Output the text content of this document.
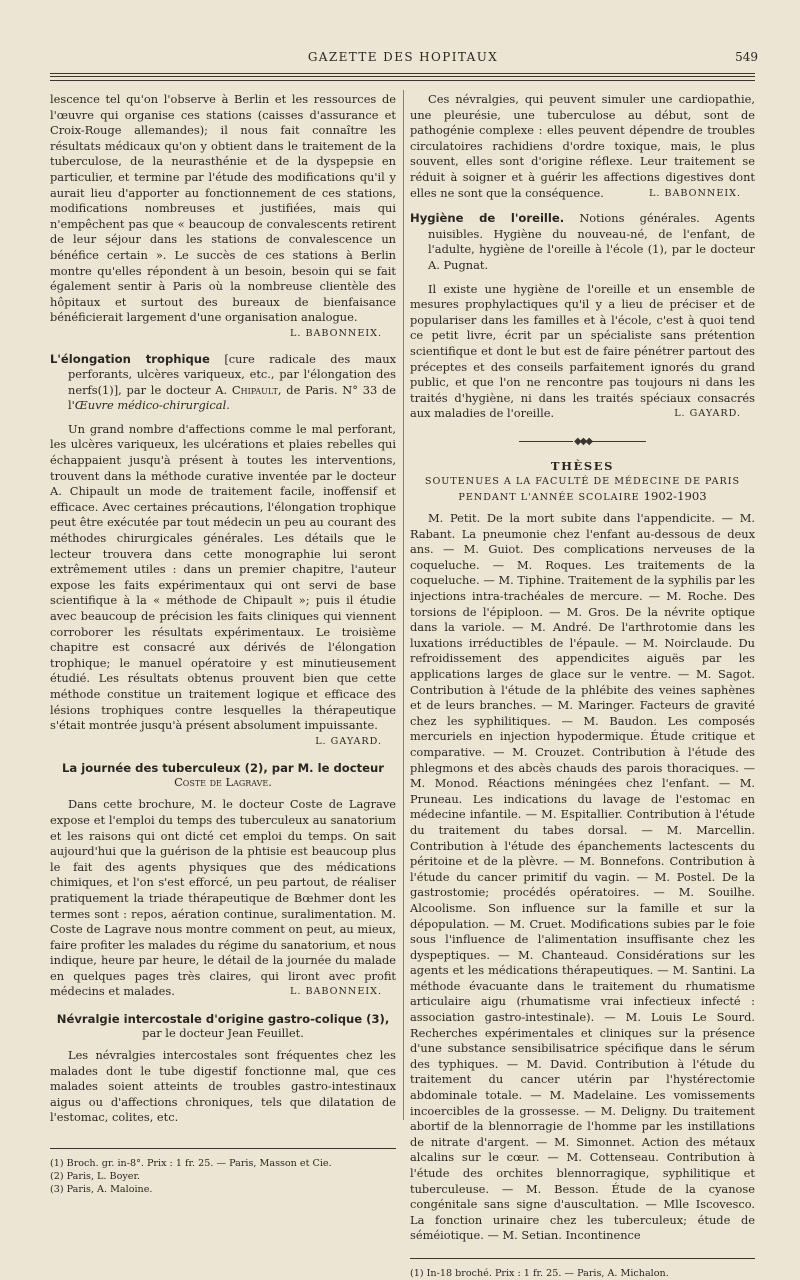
GAZETTE DES HOPITAUX	549

lescence tel qu'on l'observe à Berlin et les ressources de l'œuvre qui organise ces stations (caisses d'assurance et Croix-Rouge allemandes); il nous fait connaître les résultats médicaux qu'on y obtient dans le traitement de la tuberculose, de la neurasthénie et de la dyspepsie en particulier, et termine par l'étude des modifications qu'il y aurait lieu d'apporter au fonctionnement de ces stations, modifications nombreuses et justifiées, mais qui n'empêchent pas que « beaucoup de convalescents retirent de leur séjour dans les stations de convalescence un bénéfice certain ». Le succès de ces stations à Berlin montre qu'elles répondent à un besoin, besoin qui se fait également sentir à Paris où la nombreuse clientèle des hôpitaux et surtout des bureaux de bienfaisance bénéficierait largement d'une organisation analogue.
L. BABONNEIX.

L'élongation trophique [cure radicale des maux perforants, ulcères variqueux, etc., par l'élongation des nerfs(1)], par le docteur A. Chipault, de Paris. N° 33 de l'Œuvre médico-chirurgical.

Un grand nombre d'affections comme le mal perforant, les ulcères variqueux, les ulcérations et plaies rebelles qui échappaient jusqu'à présent à toutes les interventions, trouvent dans la méthode curative inventée par le docteur A. Chipault un mode de traitement facile, inoffensif et efficace. Avec certaines précautions, l'élongation trophique peut être exécutée par tout médecin un peu au courant des méthodes chirurgicales générales. Les détails que le lecteur trouvera dans cette monographie lui seront extrêmement utiles : dans un premier chapitre, l'auteur expose les faits expérimentaux qui ont servi de base scientifique à la « méthode de Chipault »; puis il étudie avec beaucoup de précision les faits cliniques qui viennent corroborer les résultats expérimentaux. Le troisième chapitre est consacré aux dérivés de l'élongation trophique; le manuel opératoire y est minutieusement étudié. Les résultats obtenus prouvent bien que cette méthode constitue un traitement logique et efficace des lésions trophiques contre lesquelles la thérapeutique s'était montrée jusqu'à présent absolument impuissante.
L. GAYARD.

La journée des tuberculeux (2), par M. le docteur
Coste de Lagrave.

Dans cette brochure, M. le docteur Coste de Lagrave expose et l'emploi du temps des tuberculeux au sanatorium et les raisons qui ont dicté cet emploi du temps. On sait aujourd'hui que la guérison de la phtisie est beaucoup plus le fait des agents physiques que des médications chimiques, et l'on s'est efforcé, un peu partout, de réaliser pratiquement la triade thérapeutique de Bœhmer dont les termes sont : repos, aération continue, suralimentation. M. Coste de Lagrave nous montre comment on peut, au mieux, faire profiter les malades du régime du sanatorium, et nous indique, heure par heure, le détail de la journée du malade en quelques pages très claires, qui liront avec profit médecins et malades.	L. BABONNEIX.

Névralgie intercostale d'origine gastro-colique (3),
par le docteur Jean Feuillet.

Les névralgies intercostales sont fréquentes chez les malades dont le tube digestif fonctionne mal, que ces malades soient atteints de troubles gastro-intestinaux aigus ou d'affections chroniques, tels que dilatation de l'estomac, colites, etc.

(1) Broch. gr. in-8°. Prix : 1 fr. 25. — Paris, Masson et Cie.
(2) Paris, L. Boyer.
(3) Paris, A. Maloine.

Ces névralgies, qui peuvent simuler une cardiopathie, une pleurésie, une tuberculose au début, sont de pathogénie complexe : elles peuvent dépendre de troubles circulatoires rachidiens d'ordre toxique, mais, le plus souvent, elles sont d'origine réflexe. Leur traitement se réduit à soigner et à guérir les affections digestives dont elles ne sont que la conséquence.	L. BABONNEIX.

Hygiène de l'oreille. Notions générales. Agents nuisibles. Hygiène du nouveau-né, de l'enfant, de l'adulte, hygiène de l'oreille à l'école (1), par le docteur A. Pugnat.

Il existe une hygiène de l'oreille et un ensemble de mesures prophylactiques qu'il y a lieu de préciser et de populariser dans les familles et à l'école, c'est à quoi tend ce petit livre, écrit par un spécialiste sans prétention scientifique et dont le but est de faire pénétrer partout des préceptes et des conseils parfaitement ignorés du grand public, et que l'on ne rencontre pas toujours ni dans les traités d'hygiène, ni dans les traités spéciaux consacrés aux maladies de l'oreille.	L. GAYARD.

◆◆◆
THÈSES
SOUTENUES A LA FACULTÉ DE MÉDECINE DE PARIS
PENDANT L'ANNÉE SCOLAIRE 1902-1903

M. Petit. De la mort subite dans l'appendicite. — M. Rabant. La pneumonie chez l'enfant au-dessous de deux ans. — M. Guiot. Des complications nerveuses de la coqueluche. — M. Roques. Les traitements de la coqueluche. — M. Tiphine. Traitement de la syphilis par les injections intra-trachéales de mercure. — M. Roche. Des torsions de l'épiploon. — M. Gros. De la névrite optique dans la variole. — M. André. De l'arthrotomie dans les luxations irréductibles de l'épaule. — M. Noirclaude. Du refroidissement des appendicites aiguës par les applications larges de glace sur le ventre. — M. Sagot. Contribution à l'étude de la phlébite des veines saphènes et de leurs branches. — M. Maringer. Facteurs de gravité chez les syphilitiques. — M. Baudon. Les composés mercuriels en injection hypodermique. Étude critique et comparative. — M. Crouzet. Contribution à l'étude des phlegmons et des abcès chauds des parois thoraciques. — M. Monod. Réactions méningées chez l'enfant. — M. Pruneau. Les indications du lavage de l'estomac en médecine infantile. — M. Espitallier. Contribution à l'étude du traitement du tabes dorsal. — M. Marcellin. Contribution à l'étude des épanchements lactescents du péritoine et de la plèvre. — M. Bonnefons. Contribution à l'étude du cancer primitif du vagin. — M. Postel. De la gastrostomie; procédés opératoires. — M. Souilhe. Alcoolisme. Son influence sur la famille et sur la dépopulation. — M. Cruet. Modifications subies par le foie sous l'influence de l'alimentation insuffisante chez les dyspeptiques. — M. Chanteaud. Considérations sur les agents et les médications thérapeutiques. — M. Santini. La méthode évacuante dans le traitement du rhumatisme articulaire aigu (rhumatisme vrai infectieux infecté : association gastro-intestinale). — M. Louis Le Sourd. Recherches expérimentales et cliniques sur la présence d'une substance sensibilisatrice spécifique dans le sérum des typhiques. — M. David. Contribution à l'étude du traitement du cancer utérin par l'hystérectomie abdominale totale. — M. Madelaine. Les vomissements incoercibles de la grossesse. — M. Deligny. Du traitement abortif de la blennorragie de l'homme par les instillations de nitrate d'argent. — M. Simonnet. Action des métaux alcalins sur le cœur. — M. Cottenseau. Contribution à l'étude des orchites blennorragique, syphilitique et tuberculeuse. — M. Besson. Étude de la cyanose congénitale sans signe d'auscultation. — Mlle Iscovesco. La fonction urinaire chez les tuberculeux; étude de séméiotique. — M. Setian. Incontinence

(1) In-18 broché. Prix : 1 fr. 25. — Paris, A. Michalon.
